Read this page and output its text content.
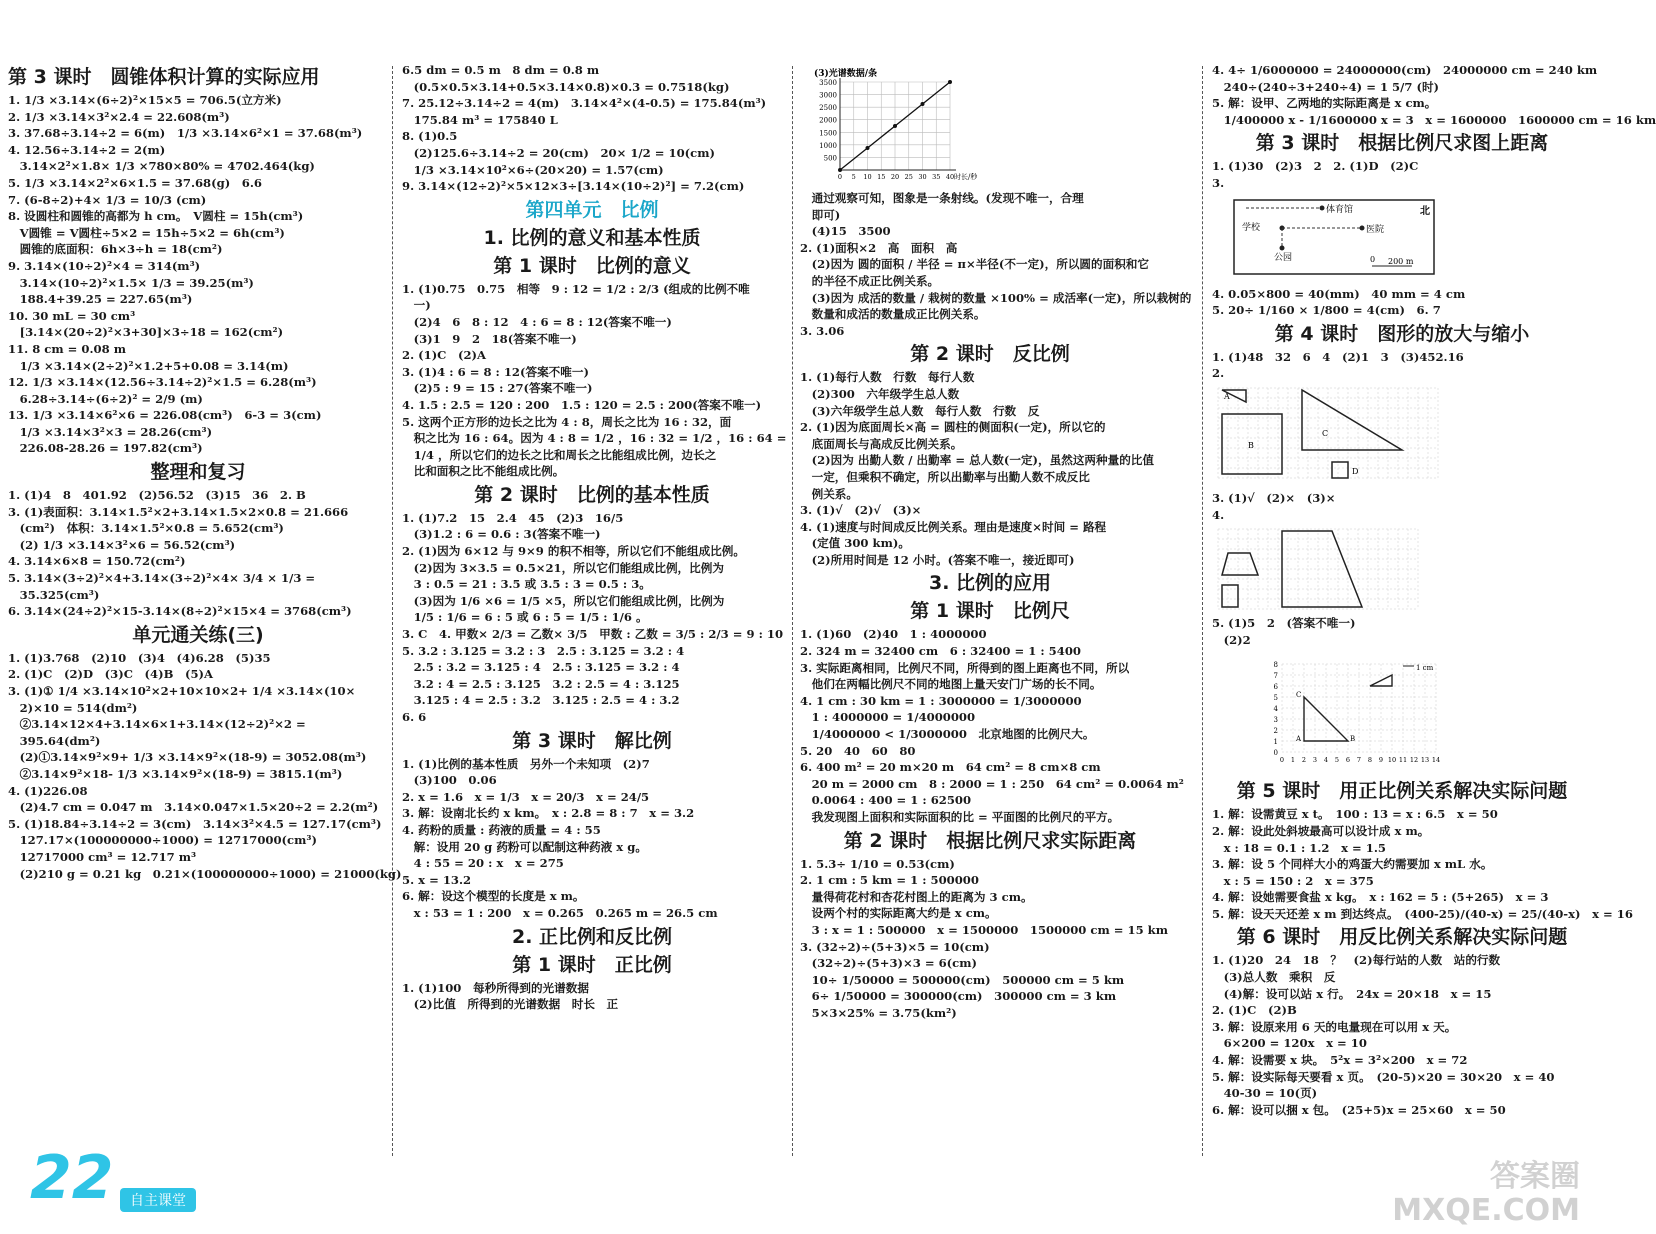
第 3 课时　圆锥体积计算的实际应用
1. 1/3 ×3.14×(6÷2)²×15×5 = 706.5(立方米)
2. 1/3 ×3.14×3²×2.4 = 22.608(m³)
3. 37.68÷3.14÷2 = 6(m)　1/3 ×3.14×6²×1 = 37.68(m³)
4. 12.56÷3.14÷2 = 2(m)
　3.14×2²×1.8× 1/3 ×780×80% = 4702.464(kg)
5. 1/3 ×3.14×2²×6×1.5 = 37.68(g)　6.6
7. (6-8÷2)+4× 1/3 = 10/3 (cm)
8. 设圆柱和圆锥的高都为 h cm。　V圆柱 = 15h(cm³)
　V圆锥 = V圆柱÷5×2 = 15h÷5×2 = 6h(cm³)
　圆锥的底面积：6h×3÷h = 18(cm²)
9. 3.14×(10÷2)²×4 = 314(m³)
　3.14×(10÷2)²×1.5× 1/3 = 39.25(m³)
　188.4+39.25 = 227.65(m³)
10. 30 mL = 30 cm³
　[3.14×(20÷2)²×3+30]×3÷18 = 162(cm²)
11. 8 cm = 0.08 m
　1/3 ×3.14×(2÷2)²×1.2+5+0.08 = 3.14(m)
12. 1/3 ×3.14×(12.56÷3.14÷2)²×1.5 = 6.28(m³)
　6.28÷3.14÷(6÷2)² = 2/9 (m)
13. 1/3 ×3.14×6²×6 = 226.08(cm³)　6-3 = 3(cm)
　1/3 ×3.14×3²×3 = 28.26(cm³)
　226.08-28.26 = 197.82(cm³)
整理和复习
1. (1)4　8　401.92　(2)56.52　(3)15　36　2. B
3. (1)表面积：3.14×1.5²×2+3.14×1.5×2×0.8 = 21.666
　(cm²)　体积：3.14×1.5²×0.8 = 5.652(cm³)
　(2) 1/3 ×3.14×3²×6 = 56.52(cm³)
4. 3.14×6×8 = 150.72(cm²)
5. 3.14×(3÷2)²×4+3.14×(3÷2)²×4× 3/4 × 1/3 =
　35.325(cm³)
6. 3.14×(24÷2)²×15-3.14×(8÷2)²×15×4 = 3768(cm³)
单元通关练(三)
1. (1)3.768　(2)10　(3)4　(4)6.28　(5)35
2. (1)C　(2)D　(3)C　(4)B　(5)A
3. (1)① 1/4 ×3.14×10²×2+10×10×2+ 1/4 ×3.14×(10×
　2)×10 = 514(dm²)
　②3.14×12×4+3.14×6×1+3.14×(12÷2)²×2 =
　395.64(dm²)
　(2)①3.14×9²×9+ 1/3 ×3.14×9²×(18-9) = 3052.08(m³)
　②3.14×9²×18- 1/3 ×3.14×9²×(18-9) = 3815.1(m³)
4. (1)226.08
　(2)4.7 cm = 0.047 m　3.14×0.047×1.5×20÷2 = 2.2(m²)
5. (1)18.84÷3.14÷2 = 3(cm)　3.14×3²×4.5 = 127.17(cm³)
　127.17×(100000000÷1000) = 12717000(cm³)
　12717000 cm³ = 12.717 m³
　(2)210 g = 0.21 kg　0.21×(100000000÷1000) = 21000(kg)
6.5 dm = 0.5 m　8 dm = 0.8 m
　(0.5×0.5×3.14+0.5×3.14×0.8)×0.3 = 0.7518(kg)
7. 25.12÷3.14÷2 = 4(m)　3.14×4²×(4-0.5) = 175.84(m³)
　175.84 m³ = 175840 L
8. (1)0.5
　(2)125.6÷3.14÷2 = 20(cm)　20× 1/2 = 10(cm)
　1/3 ×3.14×10²×6÷(20×20) = 1.57(cm)
9. 3.14×(12÷2)²×5×12×3÷[3.14×(10÷2)²] = 7.2(cm)
第四单元　比例
1. 比例的意义和基本性质
第 1 课时　比例的意义
1. (1)0.75　0.75　相等　9 : 12 = 1/2 : 2/3 (组成的比例不唯
　一)
　(2)4　6　8 : 12　4 : 6 = 8 : 12(答案不唯一)
　(3)1　9　2　18(答案不唯一)
2. (1)C　(2)A
3. (1)4 : 6 = 8 : 12(答案不唯一)
　(2)5 : 9 = 15 : 27(答案不唯一)
4. 1.5 : 2.5 = 120 : 200　1.5 : 120 = 2.5 : 200(答案不唯一)
5. 这两个正方形的边长之比为 4 : 8，周长之比为 16 : 32，面
　积之比为 16 : 64。因为 4 : 8 = 1/2 ，16 : 32 = 1/2 ，16 : 64 =
　1/4 ，所以它们的边长之比和周长之比能组成比例，边长之
　比和面积之比不能组成比例。
第 2 课时　比例的基本性质
1. (1)7.2　15　2.4　45　(2)3　16/5
　(3)1.2 : 6 = 0.6 : 3(答案不唯一)
2. (1)因为 6×12 与 9×9 的积不相等，所以它们不能组成比例。
　(2)因为 3×3.5 = 0.5×21，所以它们能组成比例，比例为
　3 : 0.5 = 21 : 3.5 或 3.5 : 3 = 0.5 : 3。
　(3)因为 1/6 ×6 = 1/5 ×5，所以它们能组成比例，比例为
　1/5 : 1/6 = 6 : 5 或 6 : 5 = 1/5 : 1/6 。
3. C　4. 甲数× 2/3 = 乙数× 3/5　甲数 : 乙数 = 3/5 : 2/3 = 9 : 10
5. 3.2 : 3.125 = 3.2 : 3　2.5 : 3.125 = 3.2 : 4
　2.5 : 3.2 = 3.125 : 4　2.5 : 3.125 = 3.2 : 4
　3.2 : 4 = 2.5 : 3.125　3.2 : 2.5 = 4 : 3.125
　3.125 : 4 = 2.5 : 3.2　3.125 : 2.5 = 4 : 3.2
6. 6
第 3 课时　解比例
1. (1)比例的基本性质　另外一个未知项　(2)7
　(3)100　0.06
2. x = 1.6　x = 1/3　x = 20/3　x = 24/5
3. 解：设南北长约 x km。　x : 2.8 = 8 : 7　x = 3.2
4. 药粉的质量 : 药液的质量 = 4 : 55
　解：设用 20 g 药粉可以配制这种药液 x g。
　4 : 55 = 20 : x　x = 275
5. x = 13.2
6. 解：设这个模型的长度是 x m。
　x : 53 = 1 : 200　x = 0.265　0.265 m = 26.5 cm
2. 正比例和反比例
第 1 课时　正比例
1. (1)100　每秒所得到的光谱数据
　(2)比值　所得到的光谱数据　时长　正
(3)光谱数据/条
3500
3000
2500
2000
1500
1000
500
0 5 10 15 20 25 30 35 40 时长/秒
　通过观察可知，图象是一条射线。(发现不唯一，合理
　即可)
　(4)15　3500
2. (1)面积×2　高　面积　高
　(2)因为 圆的面积 / 半径 = π×半径(不一定)，所以圆的面积和它
　的半径不成正比例关系。
　(3)因为 成活的数量 / 栽树的数量 ×100% = 成活率(一定)，所以栽树的
　数量和成活的数量成正比例关系。
3. 3.06
第 2 课时　反比例
1. (1)每行人数　行数　每行人数
　(2)300　六年级学生总人数
　(3)六年级学生总人数　每行人数　行数　反
2. (1)因为底面周长×高 = 圆柱的侧面积(一定)，所以它的
　底面周长与高成反比例关系。
　(2)因为 出勤人数 / 出勤率 = 总人数(一定)，虽然这两种量的比值
　一定，但乘积不确定，所以出勤率与出勤人数不成反比
　例关系。
3. (1)√　(2)√　(3)×
4. (1)速度与时间成反比例关系。理由是速度×时间 = 路程
　(定值 300 km)。
　(2)所用时间是 12 小时。(答案不唯一，接近即可)
3. 比例的应用
第 1 课时　比例尺
1. (1)60　(2)40　1 : 4000000
2. 324 m = 32400 cm　6 : 32400 = 1 : 5400
3. 实际距离相同，比例尺不同，所得到的图上距离也不同，所以
　他们在两幅比例尺不同的地图上量天安门广场的长不同。
4. 1 cm : 30 km = 1 : 3000000 = 1/3000000
　1 : 4000000 = 1/4000000
　1/4000000 < 1/3000000　北京地图的比例尺大。
5. 20　40　60　80
6. 400 m² = 20 m×20 m　64 cm² = 8 cm×8 cm
　20 m = 2000 cm　8 : 2000 = 1 : 250　64 cm² = 0.0064 m²
　0.0064 : 400 = 1 : 62500
　我发现图上面积和实际面积的比 = 平面图的比例尺的平方。
第 2 课时　根据比例尺求实际距离
1. 5.3÷ 1/10 = 0.53(cm)
2. 1 cm : 5 km = 1 : 500000
　量得荷花村和杏花村图上的距离为 3 cm。
　设两个村的实际距离大约是 x cm。
　3 : x = 1 : 500000　x = 1500000　1500000 cm = 15 km
3. (32÷2)÷(5+3)×5 = 10(cm)
　(32÷2)÷(5+3)×3 = 6(cm)
　10÷ 1/50000 = 500000(cm)　500000 cm = 5 km
　6÷ 1/50000 = 300000(cm)　300000 cm = 3 km
　5×3×25% = 3.75(km²)
4. 4÷ 1/6000000 = 24000000(cm)　24000000 cm = 240 km
　240÷(240÷3+240÷4) = 1 5/7 (时)
5. 解：设甲、乙两地的实际距离是 x cm。
　1/400000 x - 1/1600000 x = 3　x = 1600000　1600000 cm = 16 km
第 3 课时　根据比例尺求图上距离
1. (1)30　(2)3　2　2. (1)D　(2)C
3.
体育馆
学校	医院
公园
北
0 200 m
4. 0.05×800 = 40(mm)　40 mm = 4 cm
5. 20÷ 1/160 × 1/800 = 4(cm)　6. 7
第 4 课时　图形的放大与缩小
1. (1)48　32　6　4　(2)1　3　(3)452.16
2.
A
C
B
D
3. (1)√　(2)×　(3)×
4.
5. (1)5　2　(答案不唯一)
　(2)2
8
7
6
5
4
3
2
1
0
0 1 2 3 4 5 6 7 8 9 10 11 12 13 14
A	B
C
1 cm
第 5 课时　用正比例关系解决实际问题
1. 解：设需黄豆 x t。　100 : 13 = x : 6.5　x = 50
2. 解：设此处斜坡最高可以设计成 x m。
　x : 18 = 0.1 : 1.2　x = 1.5
3. 解：设 5 个同样大小的鸡蛋大约需要加 x mL 水。
　x : 5 = 150 : 2　x = 375
4. 解：设她需要食盐 x kg。　x : 162 = 5 : (5+265)　x = 3
5. 解：设天天还差 x m 到达终点。　(400-25)/(40-x) = 25/(40-x)　x = 16
第 6 课时　用反比例关系解决实际问题
1. (1)20　24　18　？　(2)每行站的人数　站的行数
　(3)总人数　乘积　反
　(4)解：设可以站 x 行。　24x = 20×18　x = 15
2. (1)C　(2)B
3. 解：设原来用 6 天的电量现在可以用 x 天。
　6×200 = 120x　x = 10
4. 解：设需要 x 块。　5²x = 3²×200　x = 72
5. 解：设实际每天要看 x 页。　(20-5)×20 = 30×20　x = 40
　40-30 = 10(页)
6. 解：设可以捆 x 包。　(25+5)x = 25×60　x = 50
22	自主课堂
答案圈
MXQE.COM
